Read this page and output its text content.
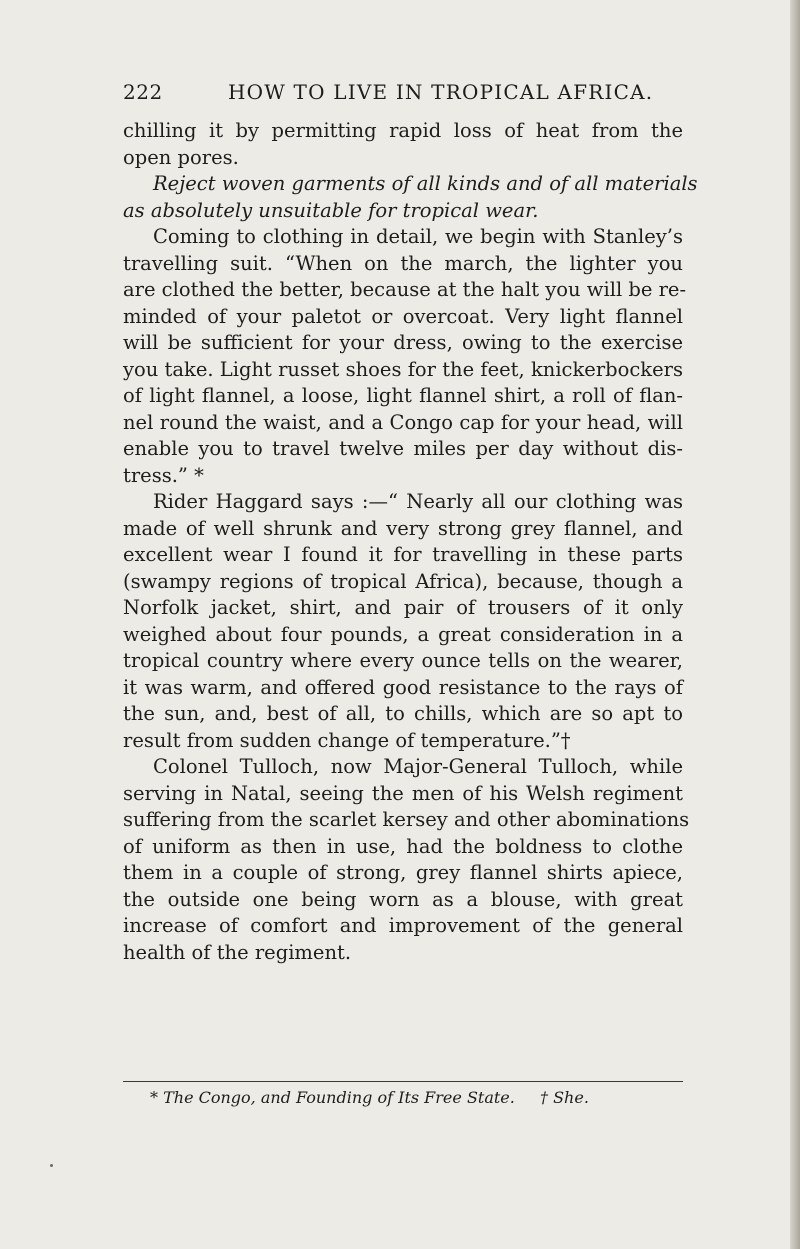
222	HOW TO LIVE IN TROPICAL AFRICA.
chilling it by permitting rapid loss of heat from the
open pores.
Reject woven garments of all kinds and of all materials
as absolutely unsuitable for tropical wear.
Coming to clothing in detail, we begin with Stanley’s
travelling suit. “When on the march, the lighter you
are clothed the better, because at the halt you will be re-
minded of your paletot or overcoat. Very light flannel
will be sufficient for your dress, owing to the exercise
you take. Light russet shoes for the feet, knickerbockers
of light flannel, a loose, light flannel shirt, a roll of flan-
nel round the waist, and a Congo cap for your head, will
enable you to travel twelve miles per day without dis-
tress.” *
Rider Haggard says :—“ Nearly all our clothing was
made of well shrunk and very strong grey flannel, and
excellent wear I found it for travelling in these parts
(swampy regions of tropical Africa), because, though a
Norfolk jacket, shirt, and pair of trousers of it only
weighed about four pounds, a great consideration in a
tropical country where every ounce tells on the wearer,
it was warm, and offered good resistance to the rays of
the sun, and, best of all, to chills, which are so apt to
result from sudden change of temperature.”†
Colonel Tulloch, now Major-General Tulloch, while
serving in Natal, seeing the men of his Welsh regiment
suffering from the scarlet kersey and other abominations
of uniform as then in use, had the boldness to clothe
them in a couple of strong, grey flannel shirts apiece,
the outside one being worn as a blouse, with great
increase of comfort and improvement of the general
health of the regiment.
* The Congo, and Founding of Its Free State. † She.
